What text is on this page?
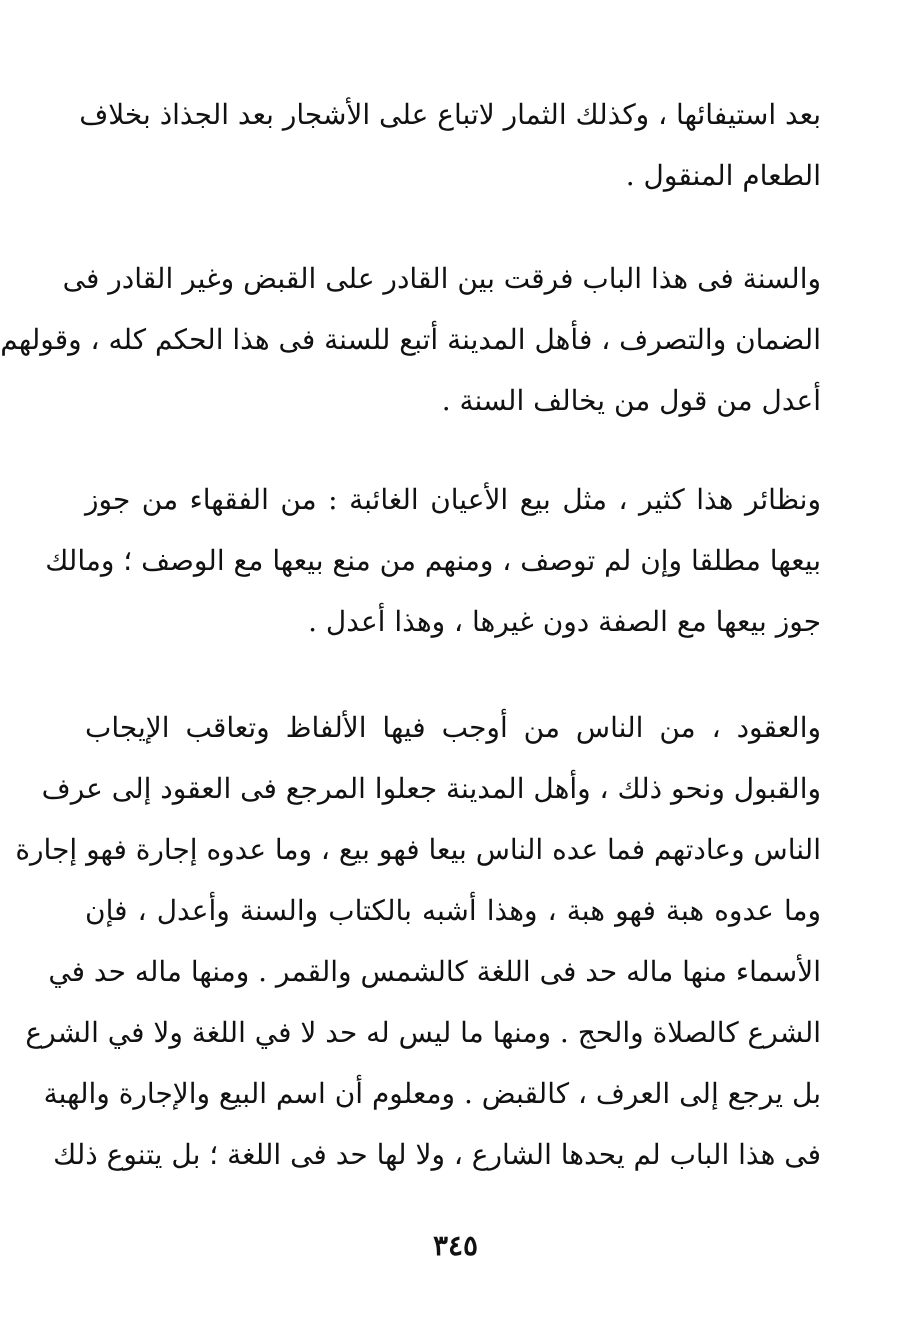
بعد استيفائها ، وكذلك الثمار لاتباع على الأشجار بعد الجذاذ بخلاف
الطعام المنقول .
والسنة فى هذا الباب فرقت بين القادر على القبض وغير القادر فى
الضمان والتصرف ، فأهل المدينة أتبع للسنة فى هذا الحكم كله ، وقولهم
أعدل من قول من يخالف السنة .
ونظائر هذا كثير ، مثل بيع الأعيان الغائبة : من الفقهاء من جوز
بيعها مطلقا وإن لم توصف ، ومنهم من منع بيعها مع الوصف ؛ ومالك
جوز بيعها مع الصفة دون غيرها ، وهذا أعدل .
والعقود ، من الناس من أوجب فيها الألفاظ وتعاقب الإيجاب
والقبول ونحو ذلك ، وأهل المدينة جعلوا المرجع فى العقود إلى عرف
الناس وعادتهم فما عده الناس بيعا فهو بيع ، وما عدوه إجارة فهو إجارة
وما عدوه هبة فهو هبة ، وهذا أشبه بالكتاب والسنة وأعدل ، فإن
الأسماء منها ماله حد فى اللغة كالشمس والقمر . ومنها ماله حد في
الشرع كالصلاة والحج . ومنها ما ليس له حد لا في اللغة ولا في الشرع
بل يرجع إلى العرف ، كالقبض . ومعلوم أن اسم البيع والإجارة والهبة
فى هذا الباب لم يحدها الشارع ، ولا لها حد فى اللغة ؛ بل يتنوع ذلك
٣٤٥
